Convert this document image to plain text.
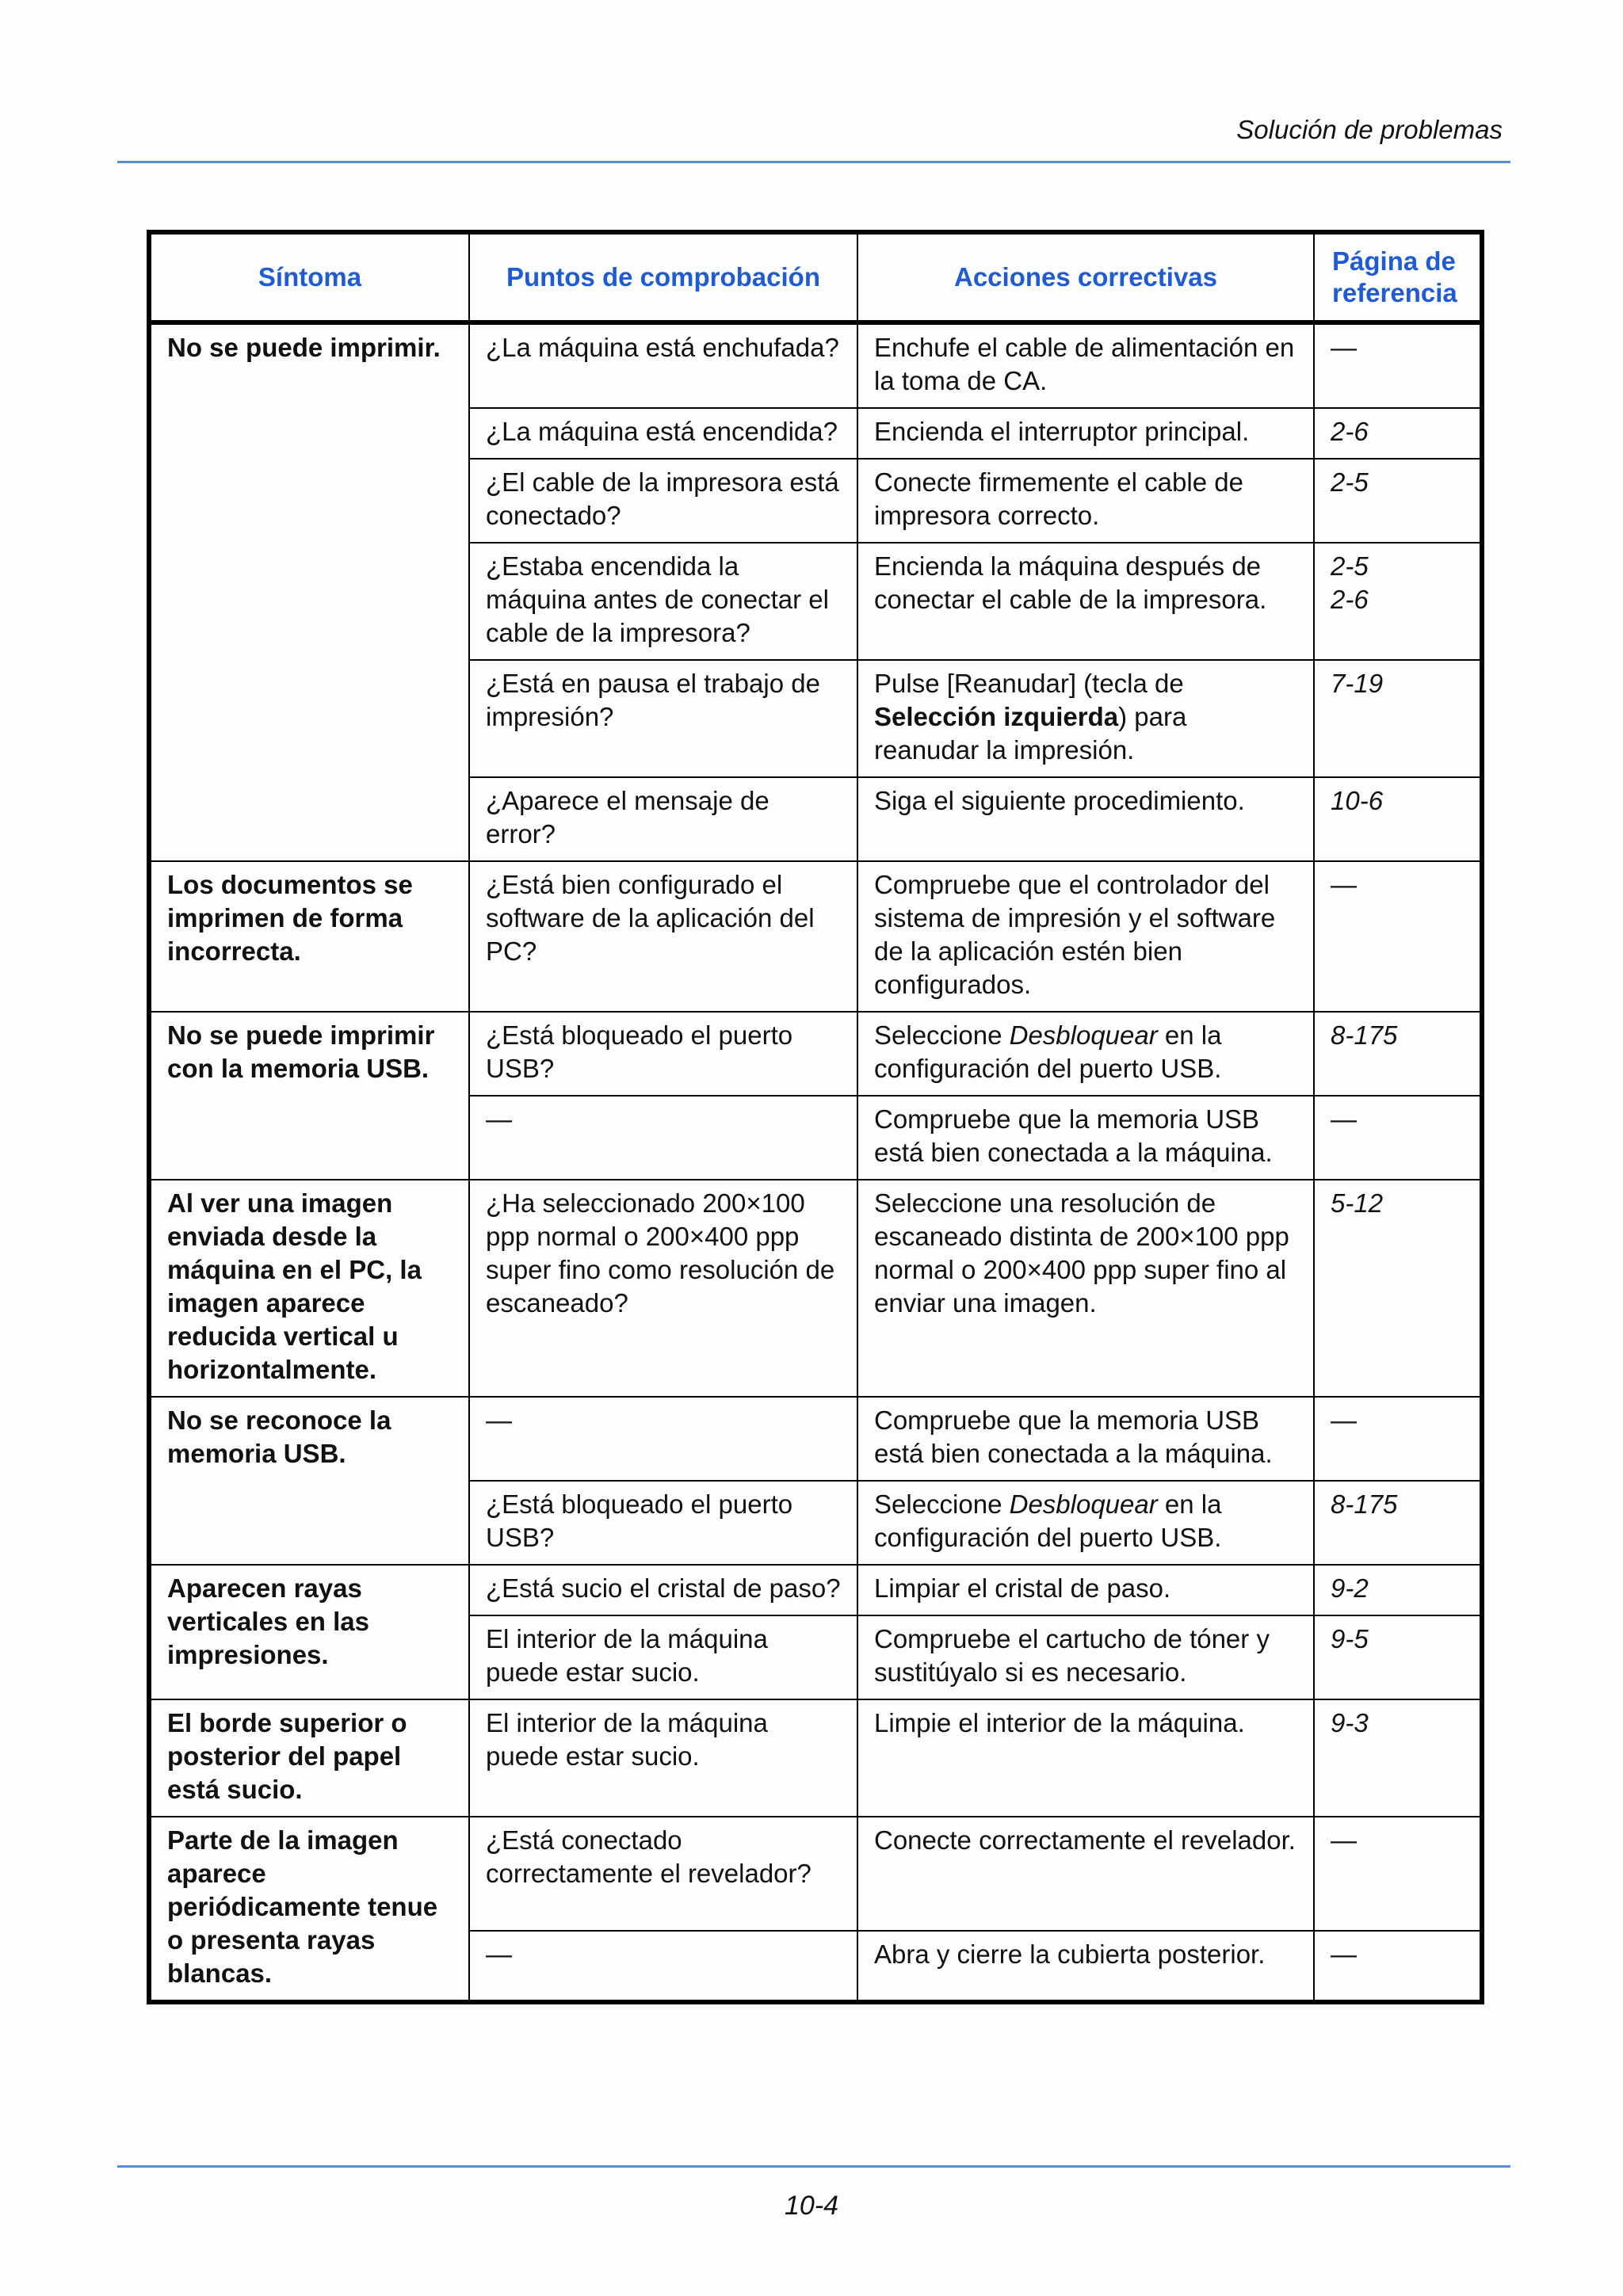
Solución de problemas
Síntoma	Puntos de comprobación	Acciones correctivas	Página de referencia
No se puede imprimir.	¿La máquina está enchufada?	Enchufe el cable de alimentación en la toma de CA.	—
	¿La máquina está encendida?	Encienda el interruptor principal.	2-6
	¿El cable de la impresora está conectado?	Conecte firmemente el cable de impresora correcto.	2-5
	¿Estaba encendida la máquina antes de conectar el cable de la impresora?	Encienda la máquina después de conectar el cable de la impresora.	2-5
2-6
	¿Está en pausa el trabajo de impresión?	Pulse [Reanudar] (tecla de Selección izquierda) para reanudar la impresión.	7-19
	¿Aparece el mensaje de error?	Siga el siguiente procedimiento.	10-6
Los documentos se imprimen de forma incorrecta.	¿Está bien configurado el software de la aplicación del PC?	Compruebe que el controlador del sistema de impresión y el software de la aplicación estén bien configurados.	—
No se puede imprimir con la memoria USB.	¿Está bloqueado el puerto USB?	Seleccione Desbloquear en la configuración del puerto USB.	8-175
	—	Compruebe que la memoria USB está bien conectada a la máquina.	—
Al ver una imagen enviada desde la máquina en el PC, la imagen aparece reducida vertical u horizontalmente.	¿Ha seleccionado 200×100 ppp normal o 200×400 ppp super fino como resolución de escaneado?	Seleccione una resolución de escaneado distinta de 200×100 ppp normal o 200×400 ppp super fino al enviar una imagen.	5-12
No se reconoce la memoria USB.	—	Compruebe que la memoria USB está bien conectada a la máquina.	—
	¿Está bloqueado el puerto USB?	Seleccione Desbloquear en la configuración del puerto USB.	8-175
Aparecen rayas verticales en las impresiones.	¿Está sucio el cristal de paso?	Limpiar el cristal de paso.	9-2
	El interior de la máquina puede estar sucio.	Compruebe el cartucho de tóner y sustitúyalo si es necesario.	9-5
El borde superior o posterior del papel está sucio.	El interior de la máquina puede estar sucio.	Limpie el interior de la máquina.	9-3
Parte de la imagen aparece periódicamente tenue o presenta rayas blancas.	¿Está conectado correctamente el revelador?	Conecte correctamente el revelador.	—
	—	Abra y cierre la cubierta posterior.	—
10-4
